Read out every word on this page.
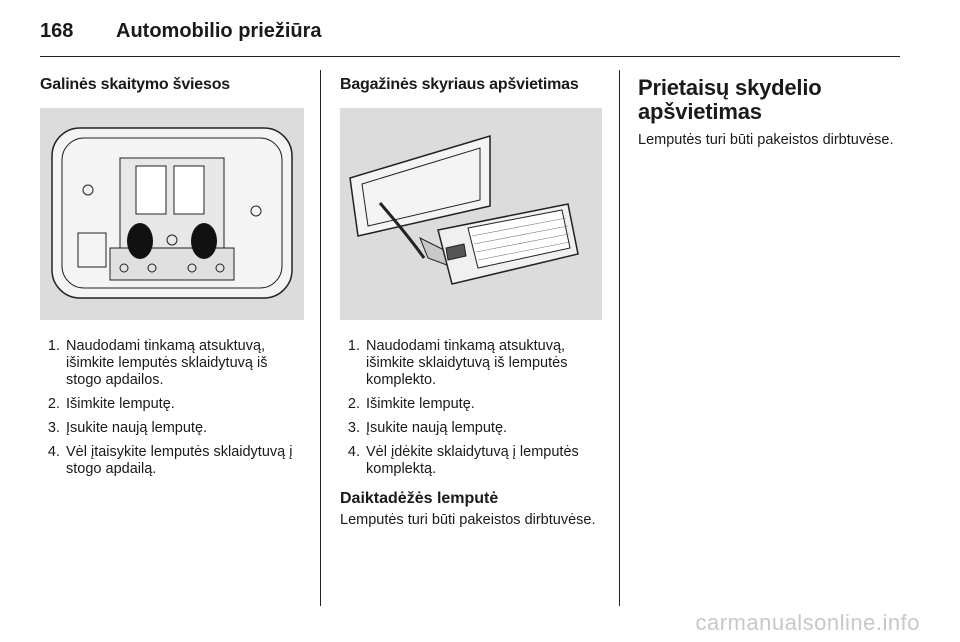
168 Automobilio priežiūra
Galinės skaitymo šviesos
1. Naudodami tinkamą atsuktuvą, išimkite lemputės sklaidytuvą iš stogo apdailos.
2. Išimkite lemputę.
3. Įsukite naują lemputę.
4. Vėl įtaisykite lemputės sklaidytuvą į stogo apdailą.
Bagažinės skyriaus apšvietimas
1. Naudodami tinkamą atsuktuvą, išimkite sklaidytuvą iš lemputės komplekto.
2. Išimkite lemputę.
3. Įsukite naują lemputę.
4. Vėl įdėkite sklaidytuvą į lemputės komplektą.
Daiktadėžės lemputė

Lemputės turi būti pakeistos dirbtuvėse.

Prietaisų skydelio apšvietimas

Lemputės turi būti pakeistos dirbtuvėse.

carmanualsonline.info
